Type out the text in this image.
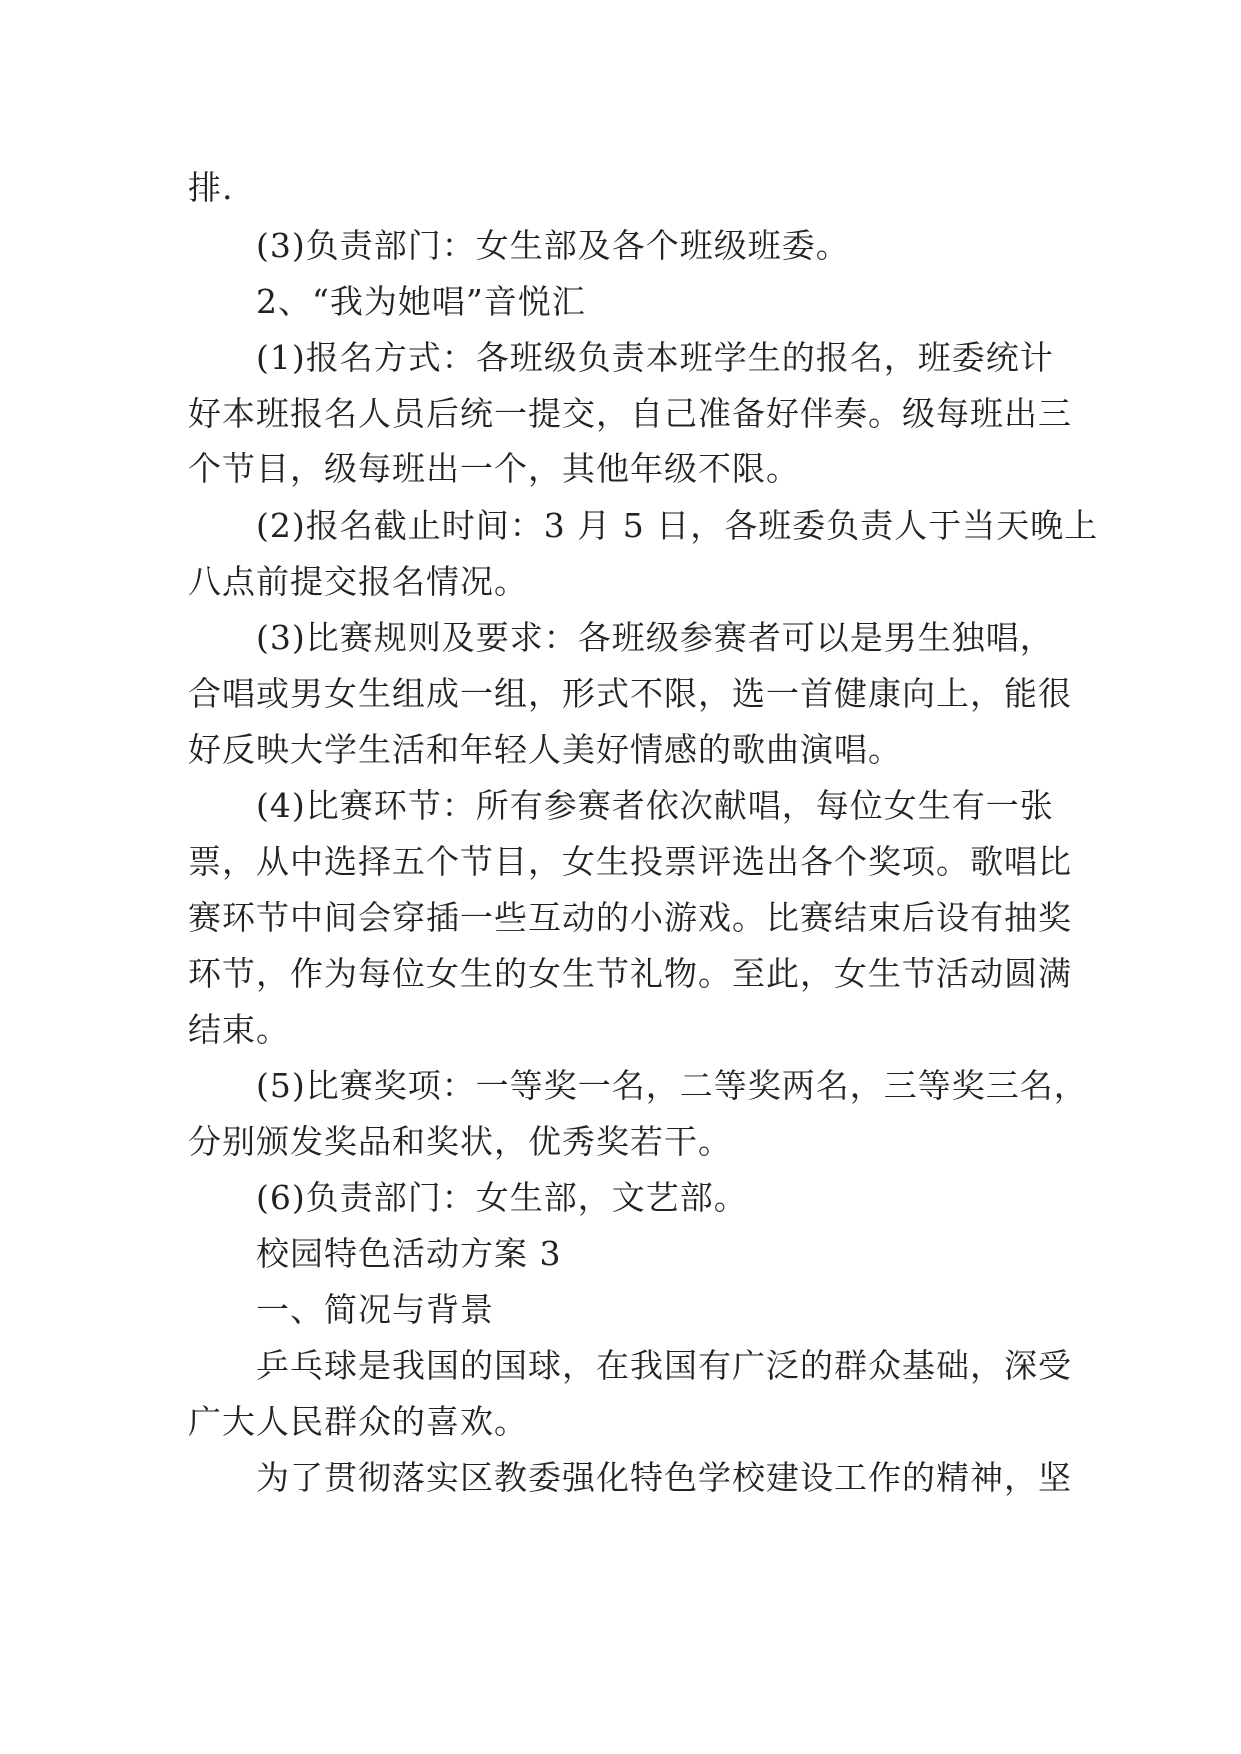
排.
(3)负责部门：女生部及各个班级班委。
2、“我为她唱”音悦汇
(1)报名方式：各班级负责本班学生的报名，班委统计
好本班报名人员后统一提交，自己准备好伴奏。级每班出三
个节目，级每班出一个，其他年级不限。
(2)报名截止时间：3 月 5 日，各班委负责人于当天晚上
八点前提交报名情况。
(3)比赛规则及要求：各班级参赛者可以是男生独唱，
合唱或男女生组成一组，形式不限，选一首健康向上，能很
好反映大学生活和年轻人美好情感的歌曲演唱。
(4)比赛环节：所有参赛者依次献唱，每位女生有一张
票，从中选择五个节目，女生投票评选出各个奖项。歌唱比
赛环节中间会穿插一些互动的小游戏。比赛结束后设有抽奖
环节，作为每位女生的女生节礼物。至此，女生节活动圆满
结束。
(5)比赛奖项：一等奖一名，二等奖两名，三等奖三名，
分别颁发奖品和奖状，优秀奖若干。
(6)负责部门：女生部，文艺部。
校园特色活动方案 3
一、简况与背景
乒乓球是我国的国球，在我国有广泛的群众基础，深受
广大人民群众的喜欢。
为了贯彻落实区教委强化特色学校建设工作的精神，坚
